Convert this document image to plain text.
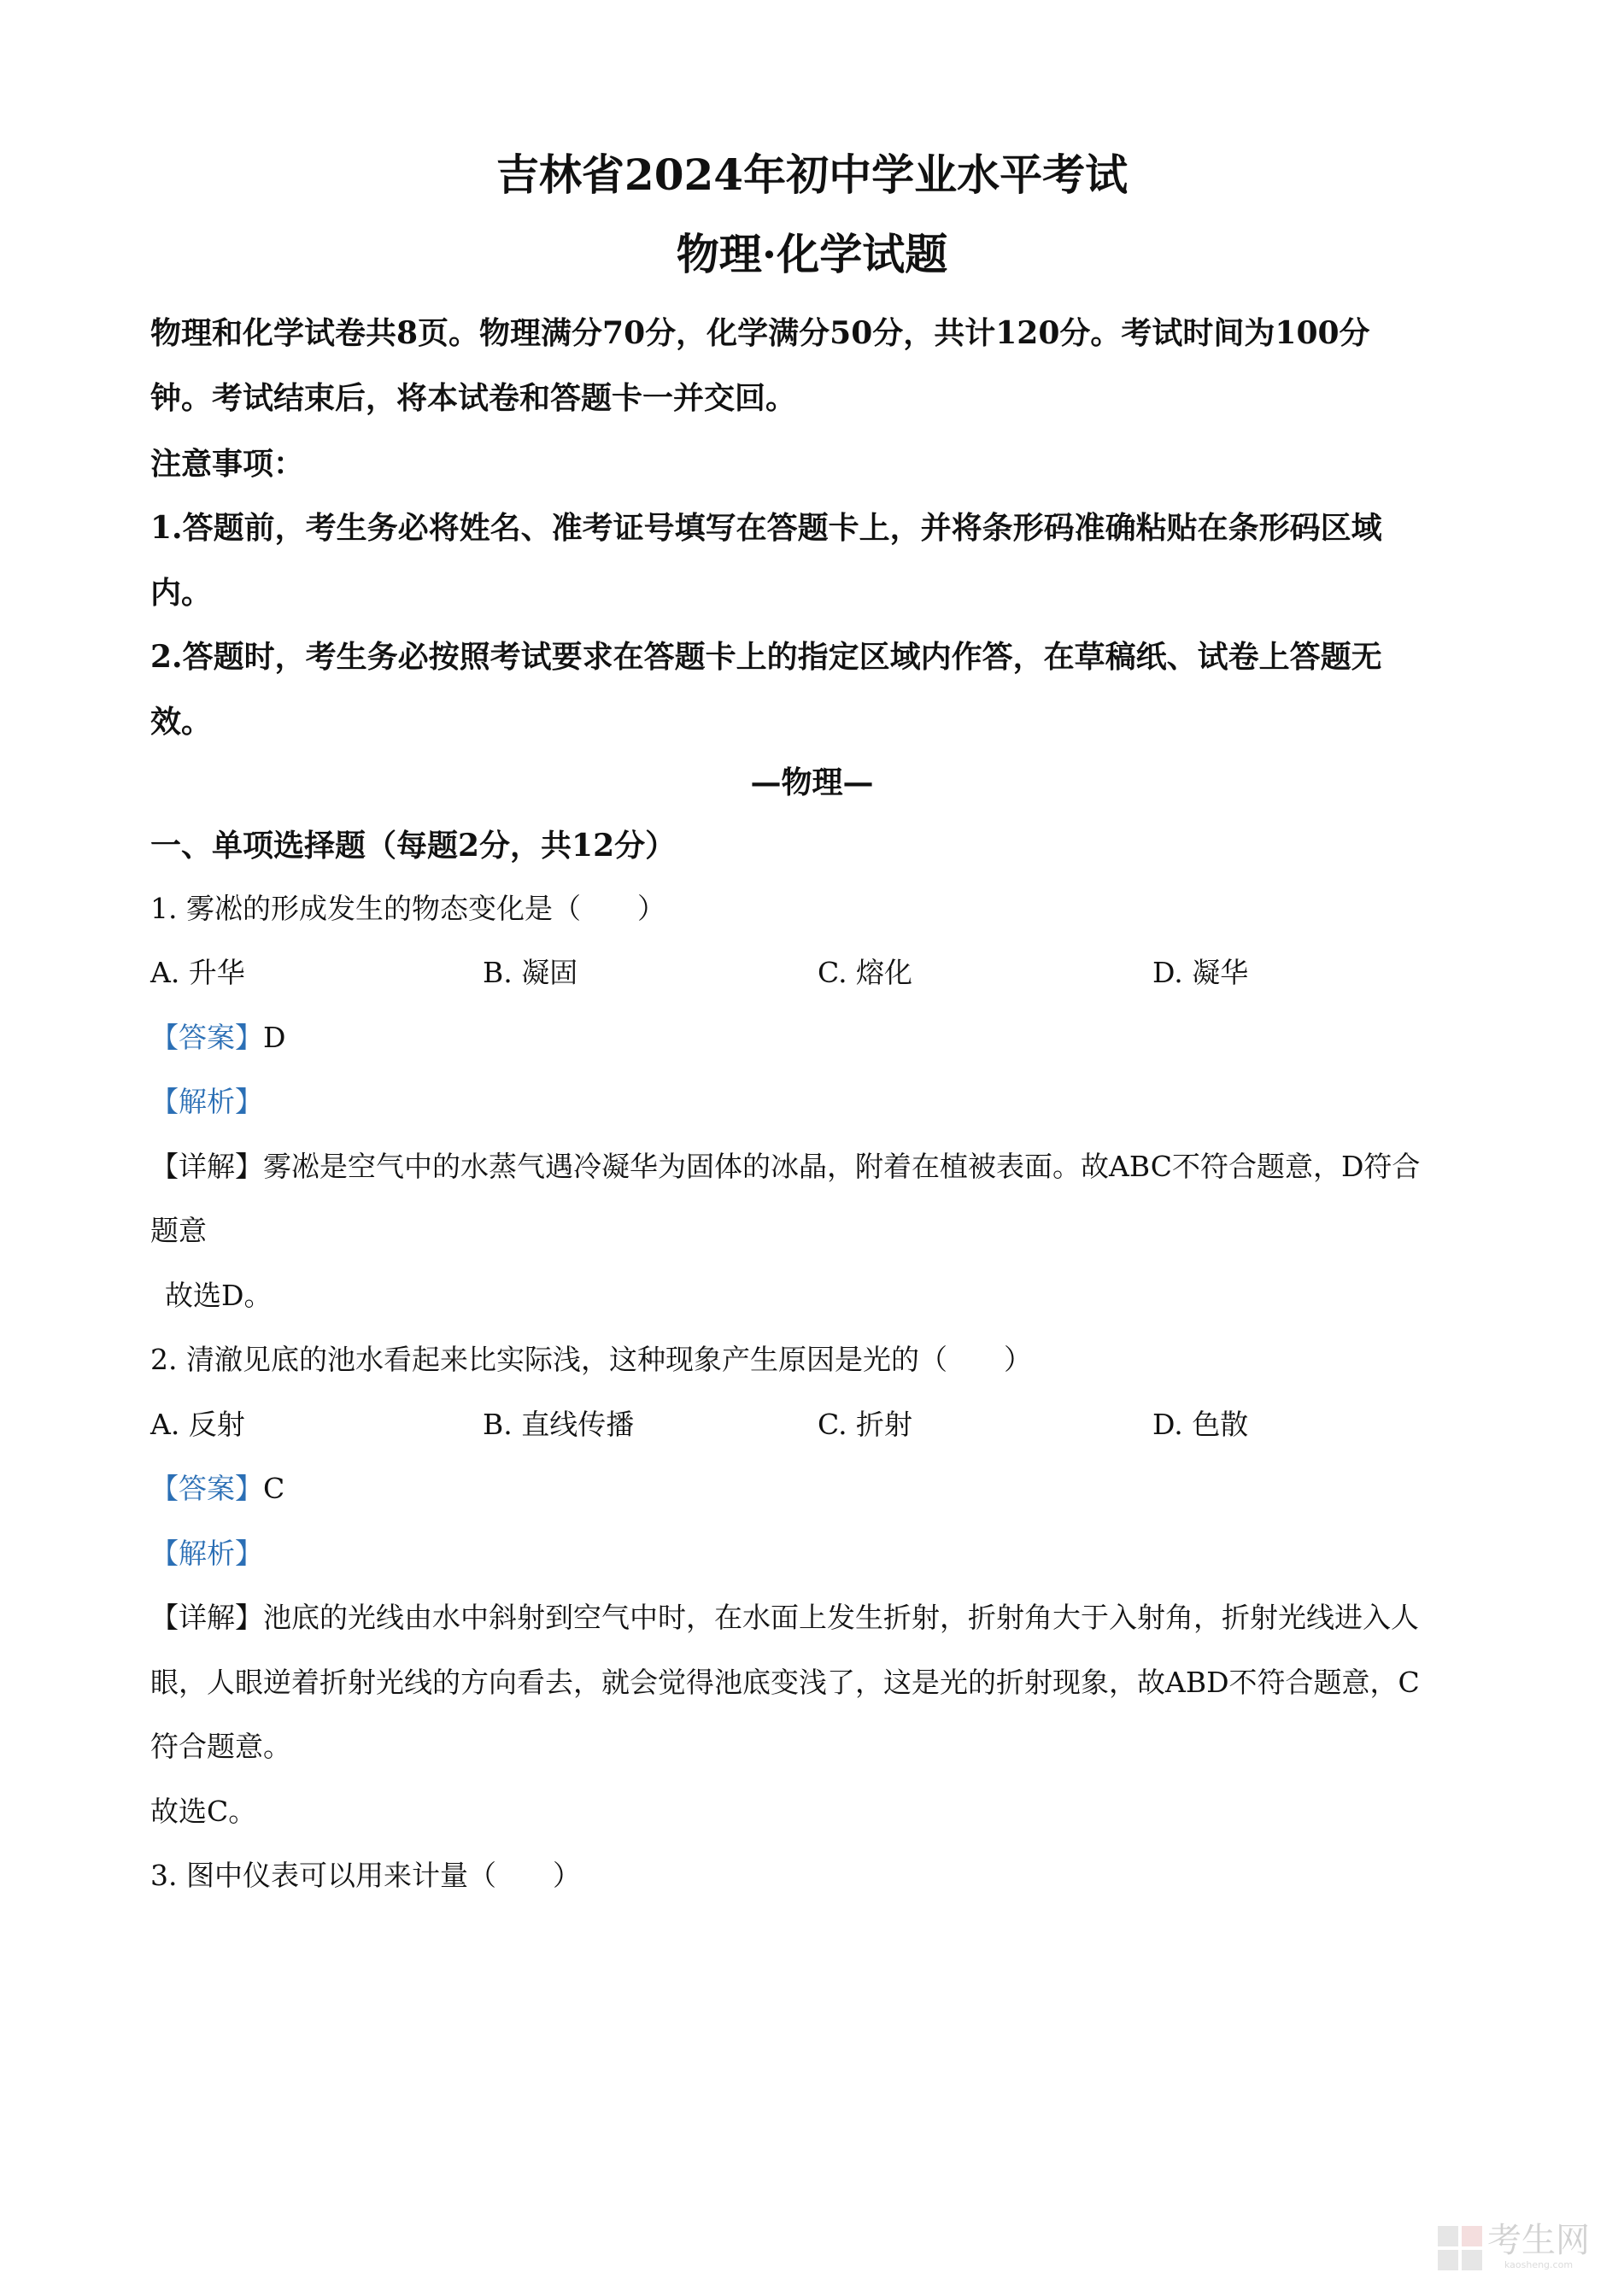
吉林省2024年初中学业水平考试
物理·化学试题
物理和化学试卷共8页。物理满分70分，化学满分50分，共计120分。考试时间为100分
钟。考试结束后，将本试卷和答题卡一并交回。
注意事项：
1.答题前，考生务必将姓名、准考证号填写在答题卡上，并将条形码准确粘贴在条形码区域
内。
2.答题时，考生务必按照考试要求在答题卡上的指定区域内作答，在草稿纸、试卷上答题无
效。
—物理—
一、单项选择题（每题2分，共12分）
1. 雾凇的形成发生的物态变化是（　　）
A. 升华	B. 凝固	C. 熔化	D. 凝华
【答案】D
【解析】
【详解】雾凇是空气中的水蒸气遇冷凝华为固体的冰晶，附着在植被表面。故ABC不符合题意，D符合
题意
故选D。
2. 清澈见底的池水看起来比实际浅，这种现象产生原因是光的（　　）
A. 反射	B. 直线传播	C. 折射	D. 色散
【答案】C
【解析】
【详解】池底的光线由水中斜射到空气中时，在水面上发生折射，折射角大于入射角，折射光线进入人
眼，人眼逆着折射光线的方向看去，就会觉得池底变浅了，这是光的折射现象，故ABD不符合题意，C
符合题意。
故选C。
3. 图中仪表可以用来计量（　　）
考生网
kaosheng.com
